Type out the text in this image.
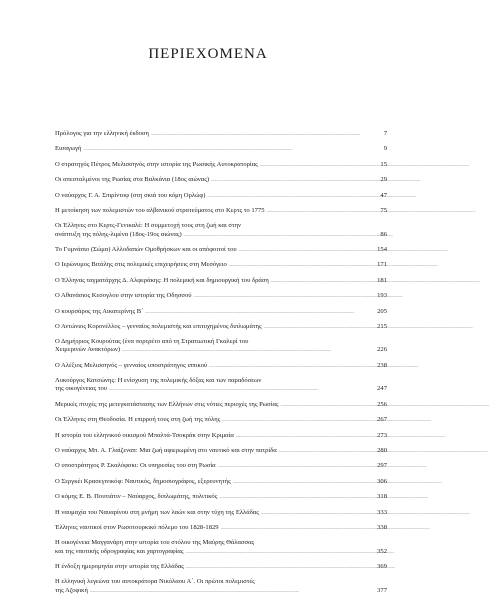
ΠΕΡΙΕΧΟΜΕΝΑ
Πρόλογος για την ελληνική έκδοση . . .	7
Εισαγωγή . . .	9
Ο στρατηγός Πέτρος Μελισσηνός στην ιστορία της Ρωσικής Αυτοκρατορίας . . .	15
Οι απεσταλμένοι της Ρωσίας στα Βαλκάνια (18ος αιώνας) . . .	29
Ο ναύαρχος Γ. Α. Σπιρίντοφ (στη σκιά του κόμη Ορλώφ) . . .	47
Η μετοίκηση των πολεμιστών του αλβανικού στρατεύματος στο Κερτς το 1775 . . .	75
Οι Έλληνες στο Κερτς-Γενικαλέ: Η συμμετοχή τους στη ζωή και στην
ανάπτυξη της πόλης-λιμένα (18ος-19ος αιώνας) . . .	86
Το Γυμνάσιο (Σώμα) Αλλοδαπών Ομοθρήσκων και οι απόφοιτοί του . . .	154
Ο Ιερώνυμος Βιτάλης στις πολεμικές επιχειρήσεις στη Μεσόγειο . . .	171
Ο Έλληνας ταγματάρχης Δ. Αλφεράκης: Η πολεμική και δημιουργική του δράση . . .	181
Ο Αθανάσιος Κεσογλου στην ιστορία της Οδησσού . . .	193
Ο κουρσάρος της Αικατερίνης Β΄ . . .	205
Ο Αντώνιος Κορονέλλος – γενναίος πολεμιστής και επιτυχημένος διπλωμάτης . . .	215
Ο Δημήτριος Κουρούτας (ένα πορτρέτο από τη Στρατιωτική Γκαλερί του
Χειμερινών Ανακτόρων) . . .	226
Ο Αλέξιος Μελισσηνός – γενναίος υποστράτηγος ιππικού . . .	238
Λυκούργος Κατσώνης: Η ενίσχυση της πολεμικής δόξας και των παραδόσεων
της οικογένειας του . . .	247
Μερικές πτυχές της μετεγκατάστασης των Ελλήνων στις νότιες περιοχές της Ρωσίας . . .	256
Οι Έλληνες στη Θεοδοσία. Η επιρροή τους στη ζωή της πόλης . . .	267
Η ιστορία του ελληνικού οικισμού Μπαλτά-Τσοκράκ στην Κριμαία . . .	273
Ο ναύαρχος Μπ. Α. Γλαίζεναπ: Μια ζωή αφιερωμένη στο ναυτικό και στην πατρίδα . . .	280
Ο υποστράτηγος Ρ. Σκαλόφσκι: Οι υπηρεσίες του στη Ρωσία . . .	297
Ο Σεργκέι Κρασεγινικόφ: Ναυτικός, δημοσιογράφος, εξερευνητής . . .	306
Ο κόμης Ε. Β. Πουτιάτιν – Ναύαρχος, διπλωμάτης, πολιτικός . . .	318
Η ναυμαχία του Ναυαρίνου στη μνήμη των λαών και στην τύχη της Ελλάδας . . .	333
Έλληνες ναυτικοί στον Ρωσοτουρκικό πόλεμο του 1828-1829 . . .	338
Η οικογένεια Μαγγανάρη στην ιστορία του στόλου της Μαύρης Θάλασσας
και της ναυτικής υδρογραφίας και χαρτογραφίας . . .	352
Η ένδοξη ημερομηνία στην ιστορία της Ελλάδας . . .	369
Η ελληνική λεγεώνα του αυτοκράτορα Νικόλαου Α΄. Οι πρώτοι πολεμιστές
της Αζοφική . . .	377
